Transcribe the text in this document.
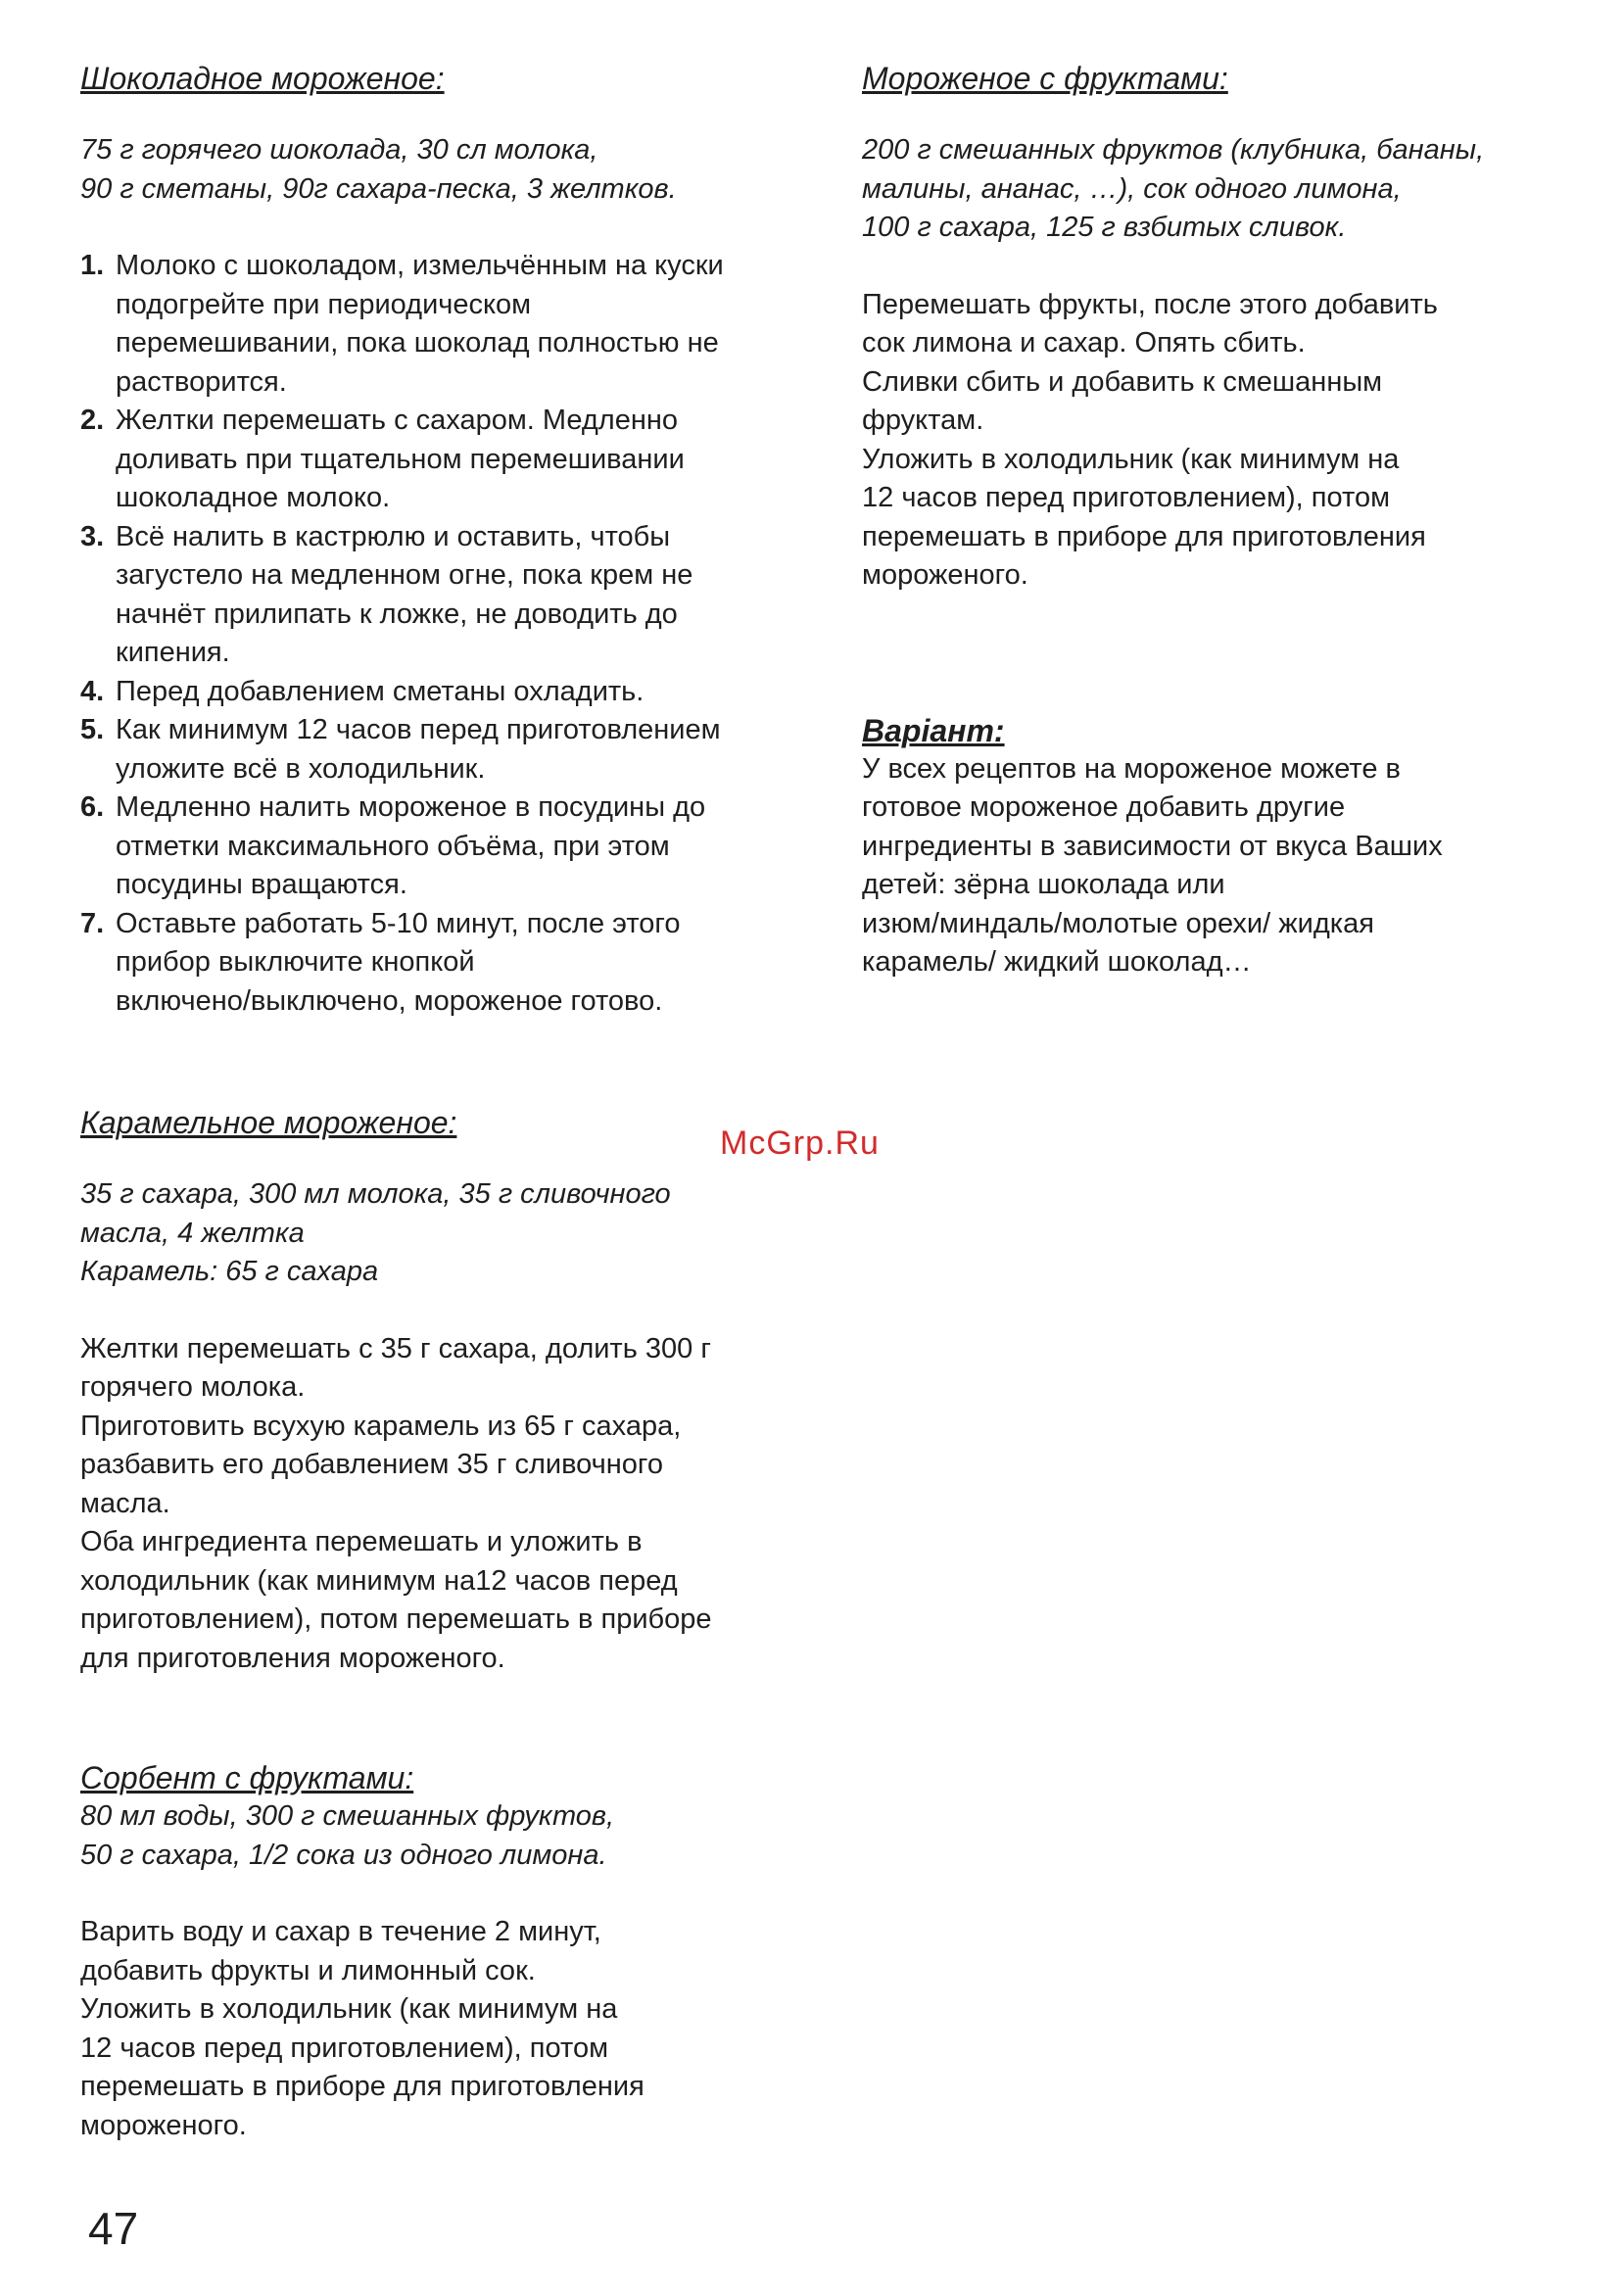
Шоколадное мороженое:

75 г горячего шоколада, 30 сл молока,
90 г сметаны, 90г сахара-песка, 3 желтков.

1. Молоко с шоколадом, измельчённым на куски
подогрейте при периодическом
перемешивании, пока шоколад полностью не
растворится.
2. Желтки перемешать с сахаром. Медленно
доливать при тщательном перемешивании
шоколадное молоко.
3. Всё налить в кастрюлю и оставить, чтобы
загустело на медленном огне, пока крем не
начнёт прилипать к ложке, не доводить до
кипения.
4. Перед добавлением сметаны охладить.
5. Как минимум 12 часов перед приготовлением
уложите всё в холодильник.
6. Медленно налить мороженое в посудины до
отметки максимального объёма, при этом
посудины вращаются.
7. Оставьте работать 5-10 минут, после этого
прибор выключите кнопкой
включено/выключено, мороженое готово.
Карамельное мороженое:

35 г сахара, 300 мл молока, 35 г сливочного
масла, 4 желтка
Карамель: 65 г сахара

Желтки перемешать с 35 г сахара, долить 300 г
горячего молока.
Приготовить всухую карамель из 65 г сахара,
разбавить его добавлением 35 г сливочного
масла.
Оба ингредиента перемешать и уложить в
холодильник (как минимум на12 часов перед
приготовлением), потом перемешать в приборе
для приготовления мороженого.

Сорбент с фруктами:

80 мл воды, 300 г смешанных фруктов,
50 г сахара, 1/2 сока из одного лимона.

Варить воду и сахар в течение 2 минут,
добавить фрукты и лимонный сок.
Уложить в холодильник (как минимум на
12 часов перед приготовлением), потом
перемешать в приборе для приготовления
мороженого.

Мороженое с фруктами:

200 г смешанных фруктов (клубника, бананы,
малины, ананас, …), сок одного лимона,
100 г сахара, 125 г взбитых сливок.

Перемешать фрукты, после этого добавить
сок лимона и сахар. Опять сбить.
Сливки сбить и добавить к смешанным
фруктам.
Уложить в холодильник (как минимум на
12 часов перед приготовлением), потом
перемешать в приборе для приготовления
мороженого.

Варіант:

У всех рецептов на мороженое можете в
готовое мороженое добавить другие
ингредиенты в зависимости от вкуса Ваших
детей: зёрна шоколада или
изюм/миндаль/молотые орехи/ жидкая
карамель/ жидкий шоколад…

McGrp.Ru
47
